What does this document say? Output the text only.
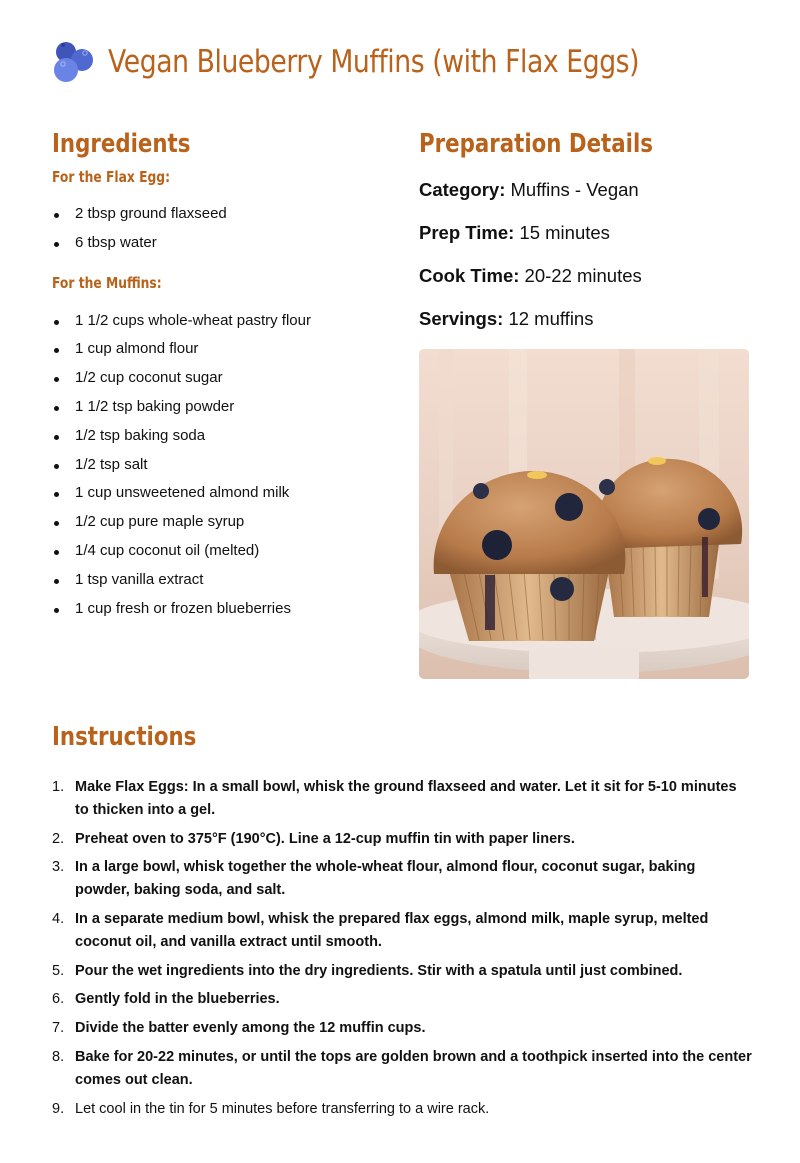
Vegan Blueberry Muffins (with Flax Eggs)
Ingredients
For the Flax Egg:
2 tbsp ground flaxseed
6 tbsp water
For the Muffins:
1 1/2 cups whole-wheat pastry flour
1 cup almond flour
1/2 cup coconut sugar
1 1/2 tsp baking powder
1/2 tsp baking soda
1/2 tsp salt
1 cup unsweetened almond milk
1/2 cup pure maple syrup
1/4 cup coconut oil (melted)
1 tsp vanilla extract
1 cup fresh or frozen blueberries
Preparation Details
Category: Muffins - Vegan
Prep Time: 15 minutes
Cook Time: 20-22 minutes
Servings: 12 muffins
Instructions
1. Make Flax Eggs: In a small bowl, whisk the ground flaxseed and water. Let it sit for 5-10 minutes to thicken into a gel.
2. Preheat oven to 375°F (190°C). Line a 12-cup muffin tin with paper liners.
3. In a large bowl, whisk together the whole-wheat flour, almond flour, coconut sugar, baking powder, baking soda, and salt.
4. In a separate medium bowl, whisk the prepared flax eggs, almond milk, maple syrup, melted coconut oil, and vanilla extract until smooth.
5. Pour the wet ingredients into the dry ingredients. Stir with a spatula until just combined.
6. Gently fold in the blueberries.
7. Divide the batter evenly among the 12 muffin cups.
8. Bake for 20-22 minutes, or until the tops are golden brown and a toothpick inserted into the center comes out clean.
9. Let cool in the tin for 5 minutes before transferring to a wire rack.
